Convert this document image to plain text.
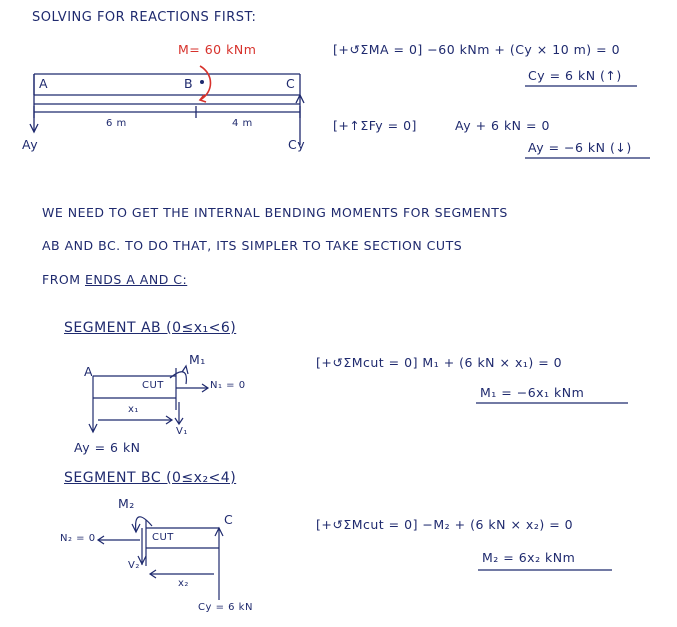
SOLVING FOR REACTIONS FIRST:
M= 60 kNm
A	B	C
6 m	4 m
Ay	Cy
[+↺ΣMA = 0] −60 kNm + (Cy × 10 m) = 0
Cy = 6 kN (↑)
[+↑ΣFy = 0]	Ay + 6 kN = 0
Ay = −6 kN (↓)
WE NEED TO GET THE INTERNAL BENDING MOMENTS FOR SEGMENTS
AB AND BC. TO DO THAT, ITS SIMPLER TO TAKE SECTION CUTS
FROM ENDS A AND C:
SEGMENT AB (0≤x₁<6)
A
CUT
M₁
N₁ = 0
x₁
V₁
Ay = 6 kN
[+↺ΣMcut = 0] M₁ + (6 kN × x₁) = 0
M₁ = −6x₁ kNm
SEGMENT BC (0≤x₂<4)
M₂
N₂ = 0	CUT
C
V₂
x₂
Cy = 6 kN
[+↺ΣMcut = 0] −M₂ + (6 kN × x₂) = 0
M₂ = 6x₂ kNm
